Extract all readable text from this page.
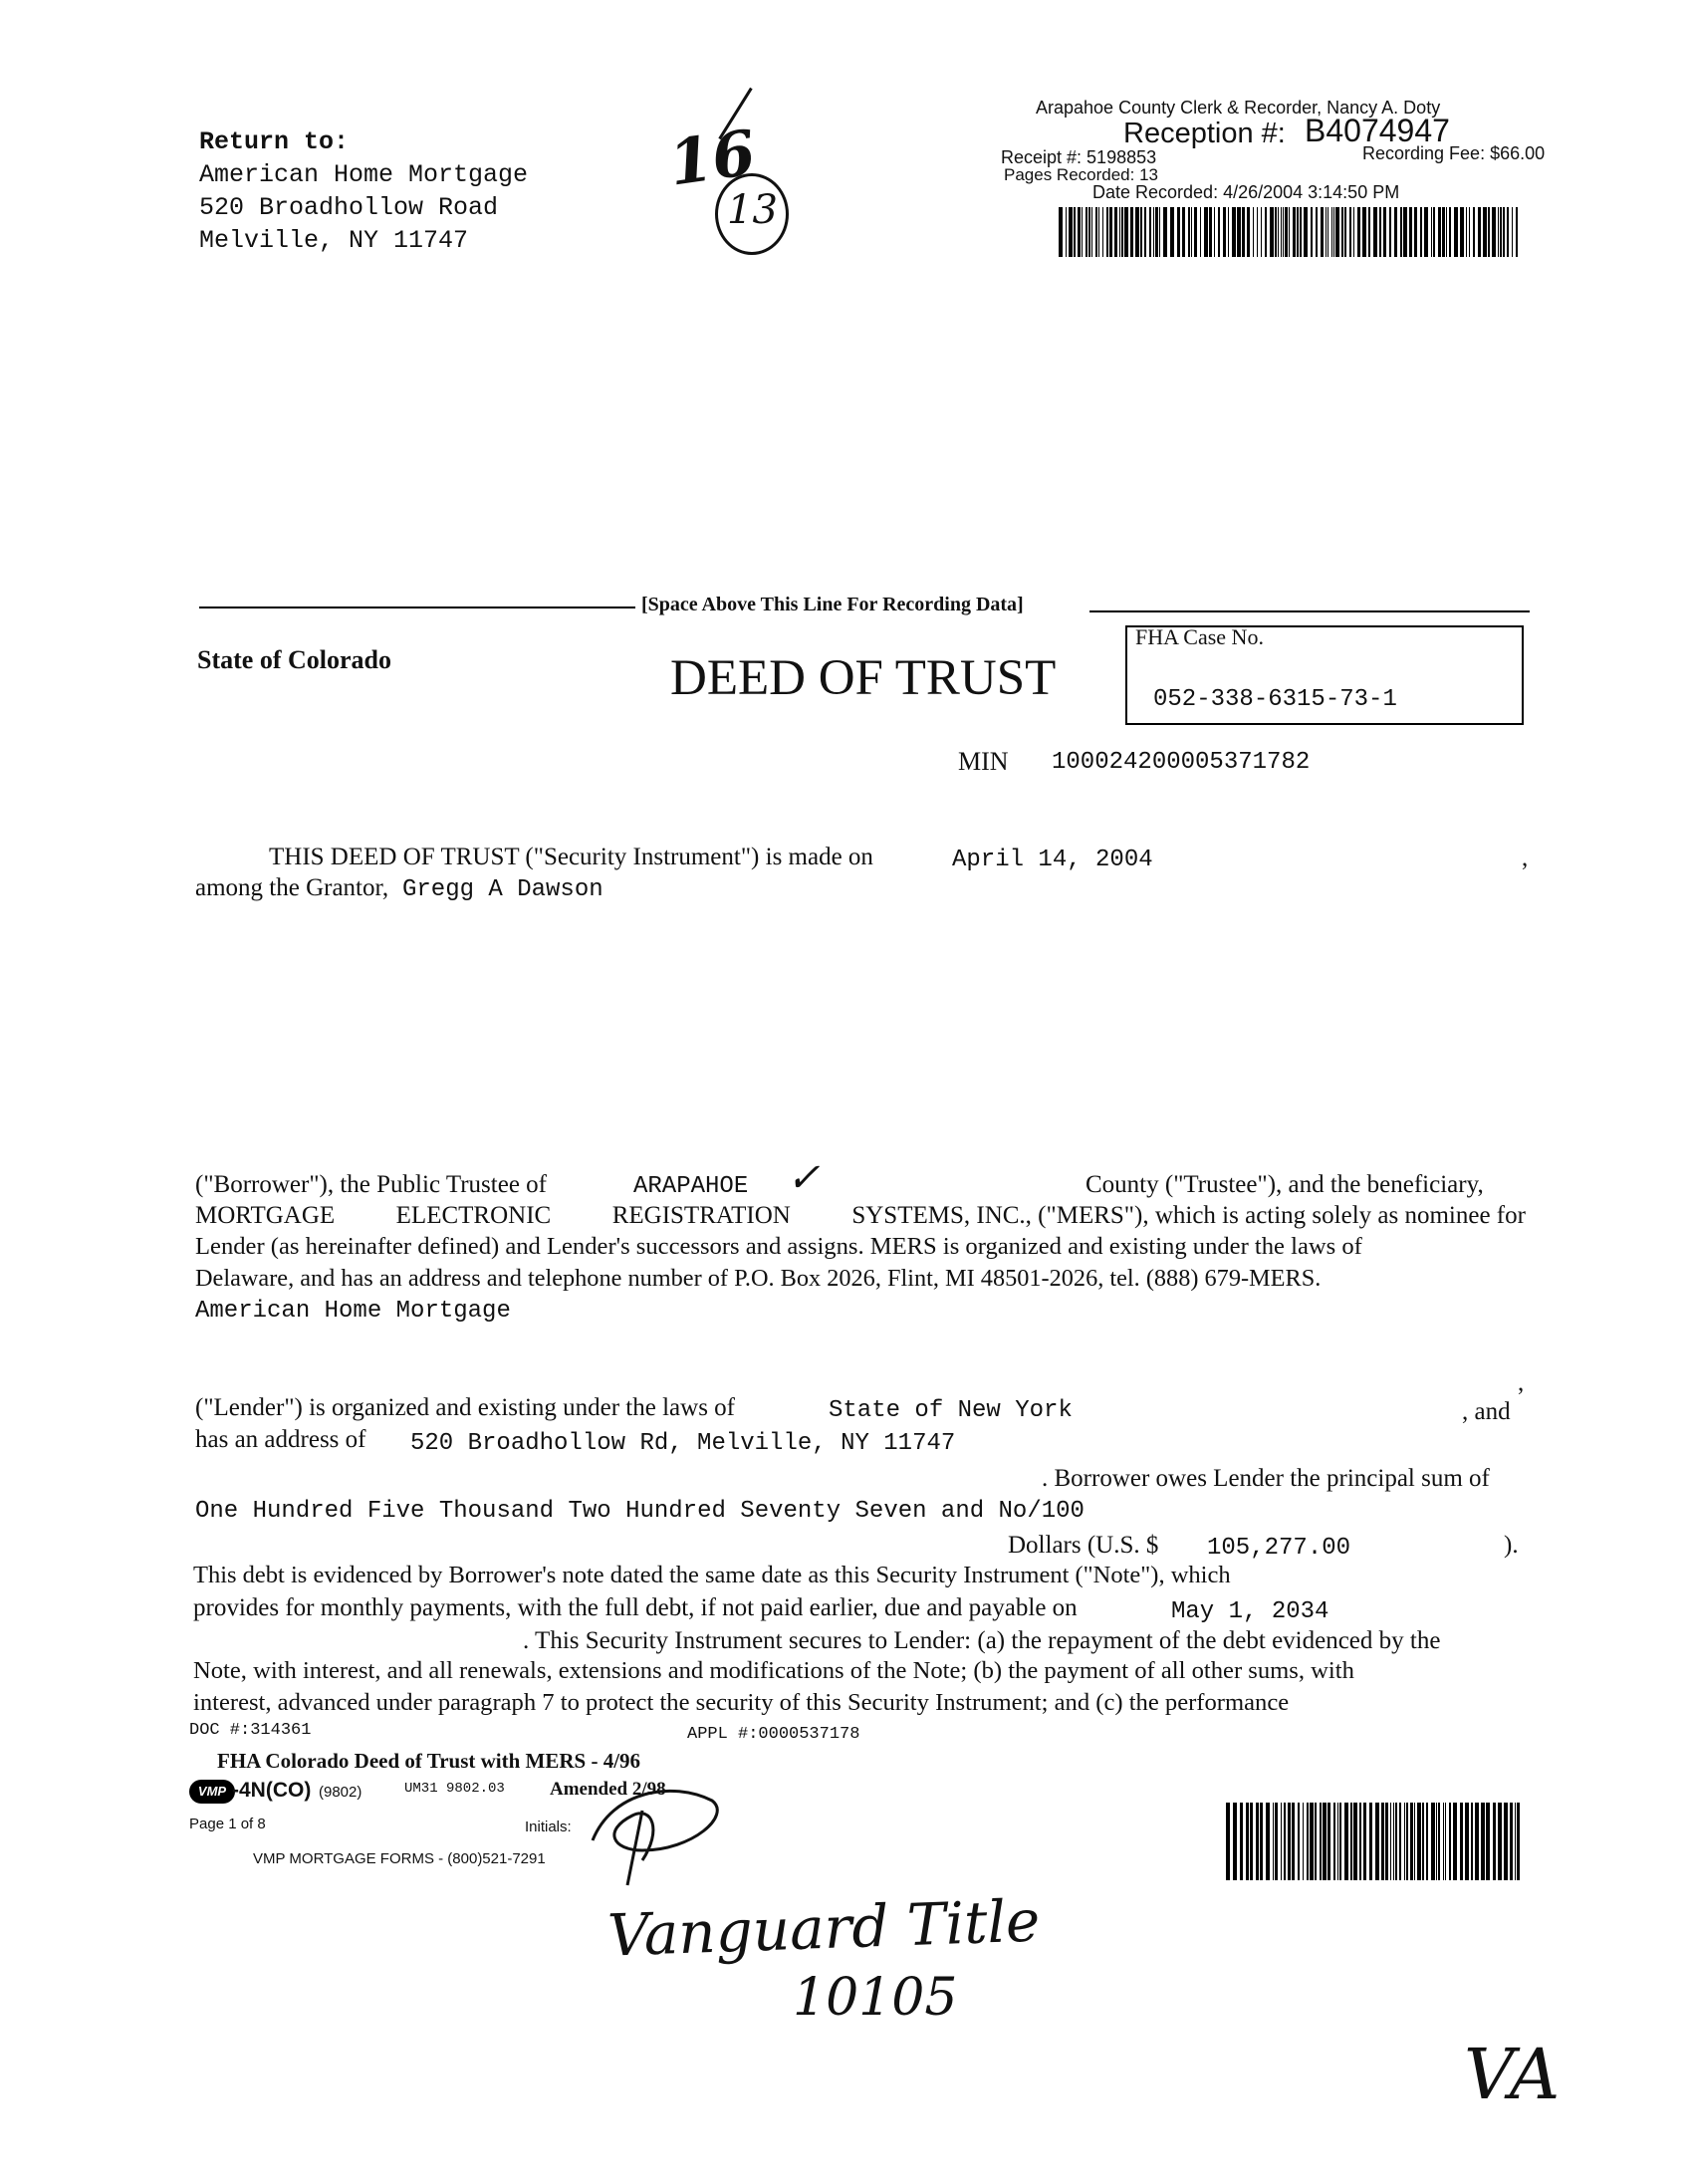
Return to:
American Home Mortgage
520 Broadhollow Road
Melville, NY 11747
16
13
Arapahoe County Clerk & Recorder, Nancy A. Doty
Reception #: B4074947
Receipt #: 5198853	Recording Fee: $66.00
Pages Recorded: 13
Date Recorded: 4/26/2004 3:14:50 PM
[Space Above This Line For Recording Data]
State of Colorado	DEED OF TRUST
FHA Case No.
052-338-6315-73-1
MIN 100024200005371782
THIS DEED OF TRUST ("Security Instrument") is made on	April 14, 2004	,
among the Grantor, Gregg A Dawson
("Borrower"), the Public Trustee of	ARAPAHOE ✓	County ("Trustee"), and the beneficiary,
MORTGAGE ELECTRONIC REGISTRATION SYSTEMS, INC., ("MERS"), which is acting solely as nominee for
Lender (as hereinafter defined) and Lender's successors and assigns. MERS is organized and existing under the laws of
Delaware, and has an address and telephone number of P.O. Box 2026, Flint, MI 48501-2026, tel. (888) 679-MERS.
American Home Mortgage
,
("Lender") is organized and existing under the laws of	State of New York	, and
has an address of 520 Broadhollow Rd, Melville, NY 11747
. Borrower owes Lender the principal sum of
One Hundred Five Thousand Two Hundred Seventy Seven and No/100
Dollars (U.S. $ 105,277.00	).
This debt is evidenced by Borrower's note dated the same date as this Security Instrument ("Note"), which
provides for monthly payments, with the full debt, if not paid earlier, due and payable on	May 1, 2034
. This Security Instrument secures to Lender: (a) the repayment of the debt evidenced by the
Note, with interest, and all renewals, extensions and modifications of the Note; (b) the payment of all other sums, with
interest, advanced under paragraph 7 to protect the security of this Security Instrument; and (c) the performance
DOC #:314361	APPL #:0000537178
FHA Colorado Deed of Trust with MERS - 4/96
VMP -4N(CO) (9802)	UM31 9802.03 Amended 2/98
Page 1 of 8	Initials:
VMP MORTGAGE FORMS - (800)521-7291
Vanguard Title
10105
VA
